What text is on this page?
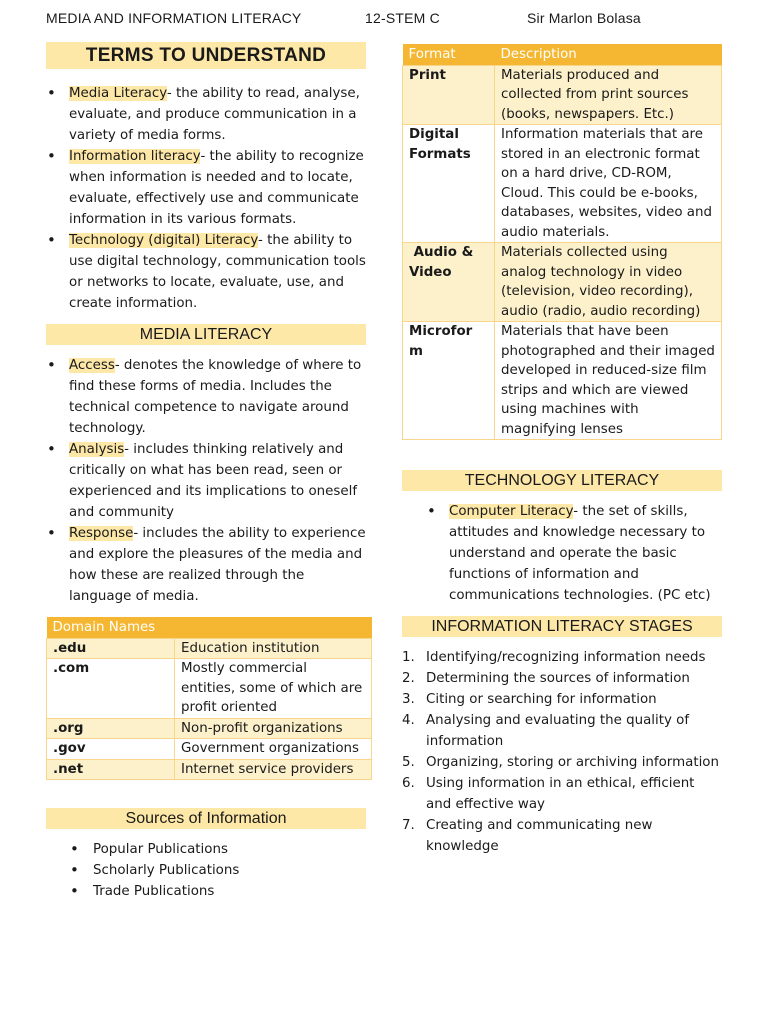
MEDIA AND INFORMATION LITERACY	12-STEM C	Sir Marlon Bolasa
TERMS TO UNDERSTAND
• Media Literacy- the ability to read, analyse, evaluate, and produce communication in a variety of media forms.
• Information literacy- the ability to recognize when information is needed and to locate, evaluate, effectively use and communicate information in its various formats.
• Technology (digital) Literacy- the ability to use digital technology, communication tools or networks to locate, evaluate, use, and create information.
MEDIA LITERACY
• Access- denotes the knowledge of where to find these forms of media. Includes the technical competence to navigate around technology.
• Analysis- includes thinking relatively and critically on what has been read, seen or experienced and its implications to oneself and community
• Response- includes the ability to experience and explore the pleasures of the media and how these are realized through the language of media.
Domain Names	
.edu	Education institution
.com	Mostly commercial entities, some of which are profit oriented
.org	Non-profit organizations
.gov	Government organizations
.net	Internet service providers
Sources of Information
• Popular Publications
• Scholarly Publications
• Trade Publications
Format	Description
Print	Materials produced and collected from print sources (books, newspapers. Etc.)
Digital Formats	Information materials that are stored in an electronic format on a hard drive, CD-ROM, Cloud. This could be e-books, databases, websites, video and audio materials.
Audio & Video	Materials collected using analog technology in video (television, video recording), audio (radio, audio recording)
Microfor m	Materials that have been photographed and their imaged developed in reduced-size film strips and which are viewed using machines with magnifying lenses
TECHNOLOGY LITERACY
• Computer Literacy- the set of skills, attitudes and knowledge necessary to understand and operate the basic functions of information and communications technologies. (PC etc)
INFORMATION LITERACY STAGES
1. Identifying/recognizing information needs
2. Determining the sources of information
3. Citing or searching for information
4. Analysing and evaluating the quality of information
5. Organizing, storing or archiving information
6. Using information in an ethical, efficient and effective way
7. Creating and communicating new knowledge
